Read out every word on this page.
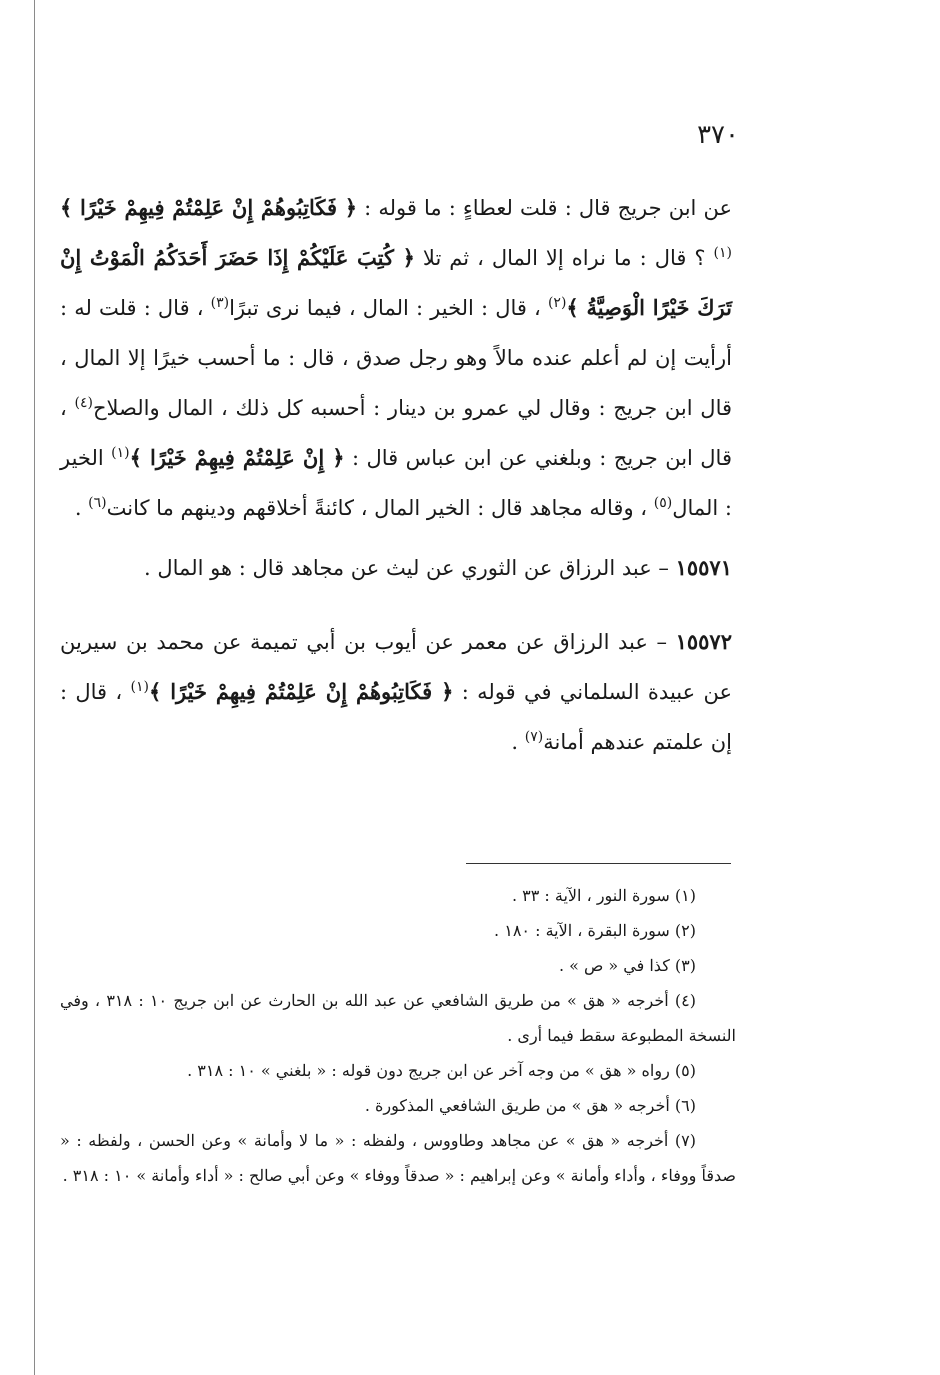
٣٧٠

عن ابن جريج قال : قلت لعطاءٍ : ما قوله : ﴿ فَكَاتِبُوهُمْ إِنْ عَلِمْتُمْ فِيهِمْ خَيْرًا ﴾$^{(١)}$ ؟ قال : ما نراه إلا المال ، ثم تلا ﴿ كُتِبَ عَلَيْكُمْ إِذَا حَضَرَ أَحَدَكُمُ الْمَوْتُ إِنْ تَرَكَ خَيْرًا الْوَصِيَّةُ ﴾$^{(٢)}$ ، قال : الخير : المال ، فيما نرى تبرًا$^{(٣)}$ ، قال : قلت له : أرأيت إن لم أعلم عنده مالاً وهو رجل صدق ، قال : ما أحسب خيرًا إلا المال ، قال ابن جريج : وقال لي عمرو بن دينار : أحسبه كل ذلك ، المال والصلاح$^{(٤)}$ ، قال ابن جريج : وبلغني عن ابن عباس قال : ﴿ إِنْ عَلِمْتُمْ فِيهِمْ خَيْرًا ﴾$^{(١)}$ الخير : المال$^{(٥)}$ ، وقاله مجاهد قال : الخير المال ، كائنةً أخلاقهم ودينهم ما كانت$^{(٦)}$ .

١٥٥٧١ – عبد الرزاق عن الثوري عن ليث عن مجاهد قال : هو المال .

١٥٥٧٢ – عبد الرزاق عن معمر عن أيوب بن أبي تميمة عن محمد بن سيرين عن عبيدة السلماني في قوله : ﴿ فَكَاتِبُوهُمْ إِنْ عَلِمْتُمْ فِيهِمْ خَيْرًا ﴾$^{(١)}$ ، قال : إن علمتم عندهم أمانة$^{(٧)}$ .

(١) سورة النور ، الآية : ٣٣ .

(٢) سورة البقرة ، الآية : ١٨٠ .

(٣) كذا في « ص » .

(٤) أخرجه « هق » من طريق الشافعي عن عبد الله بن الحارث عن ابن جريج ١٠ : ٣١٨ ، وفي النسخة المطبوعة سقط فيما أرى .

(٥) رواه « هق » من وجه آخر عن ابن جريج دون قوله : « بلغني » ١٠ : ٣١٨ .

(٦) أخرجه « هق » من طريق الشافعي المذكورة .

(٧) أخرجه « هق » عن مجاهد وطاووس ، ولفظه : « ما لا وأمانة » وعن الحسن ، ولفظه : « صدقاً ووفاء ، وأداء وأمانة » وعن إبراهيم : « صدقاً ووفاء » وعن أبي صالح : « أداء وأمانة » ١٠ : ٣١٨ .
